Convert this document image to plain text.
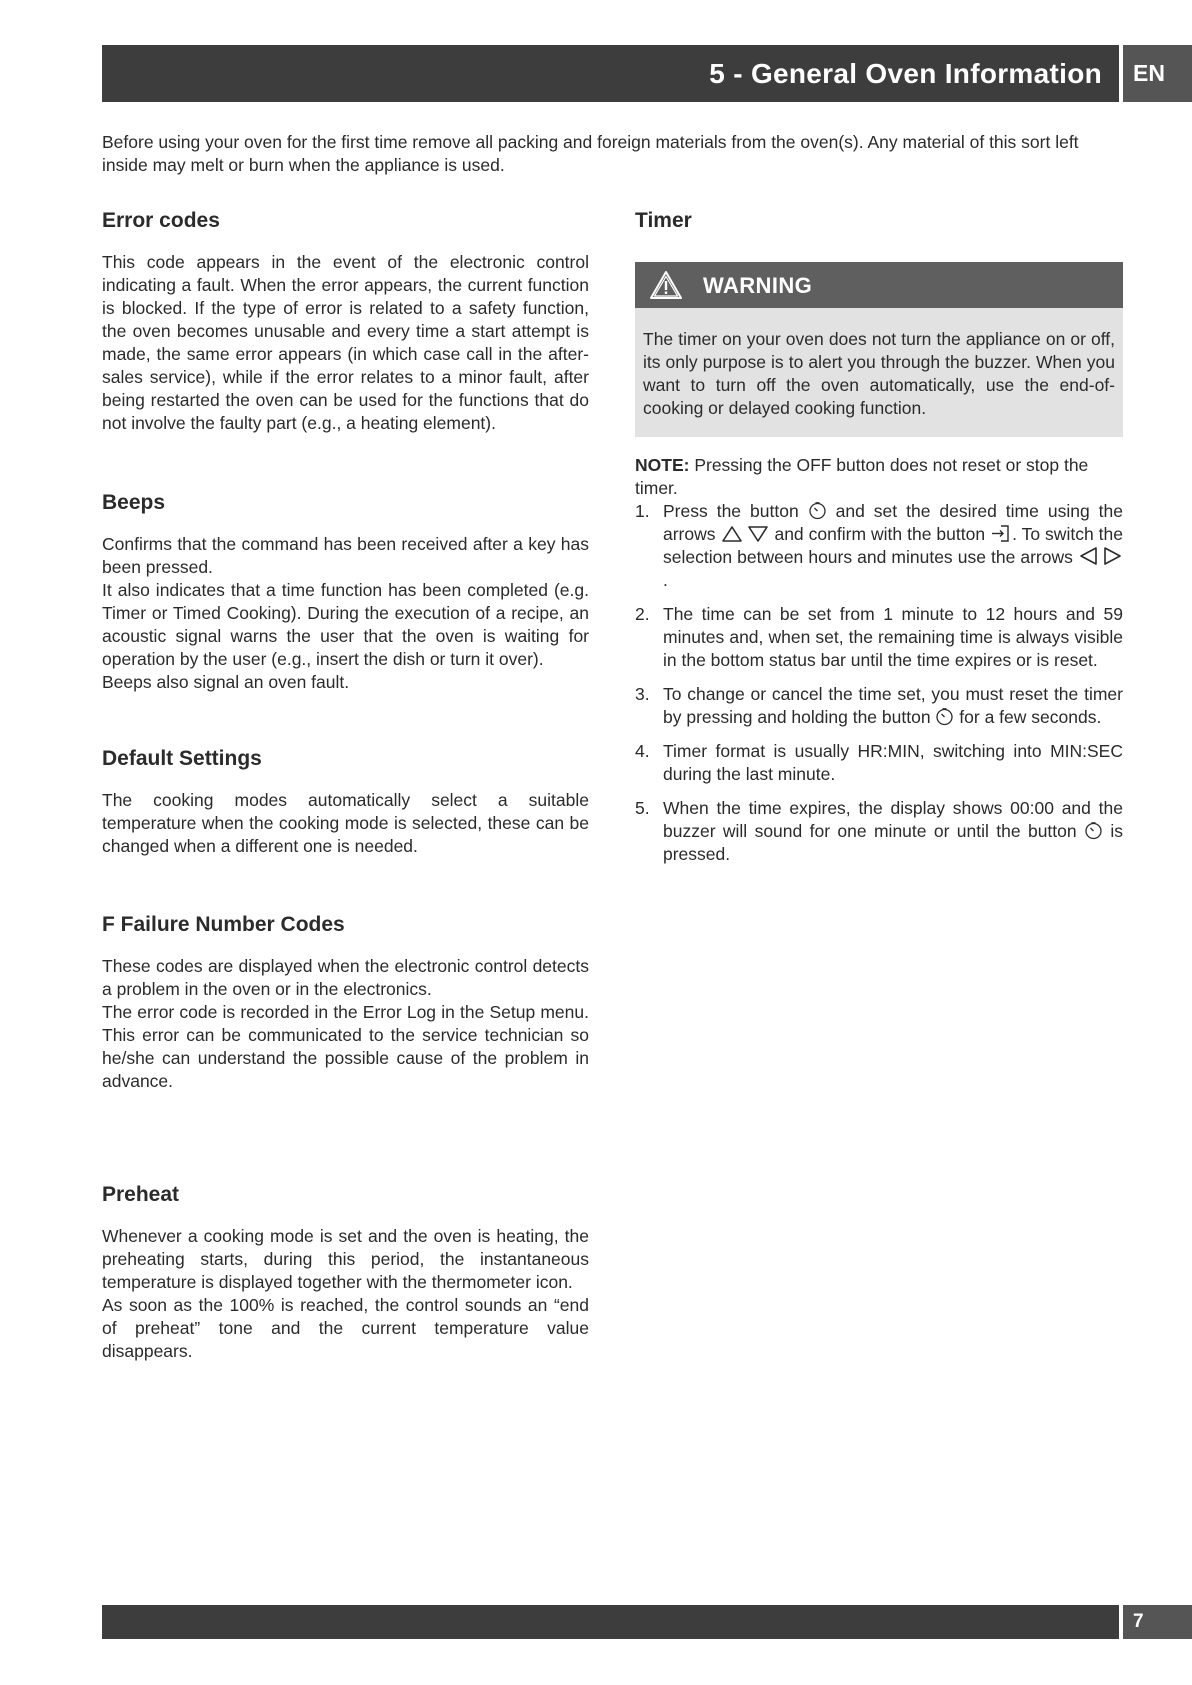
5 - General Oven Information	EN

Before using your oven for the first time remove all packing and foreign materials from the oven(s). Any material of this sort left inside may melt or burn when the appliance is used.

Error codes

This code appears in the event of the electronic control indicating a fault. When the error appears, the current function is blocked. If the type of error is related to a safety function, the oven becomes unusable and every time a start attempt is made, the same error appears (in which case call in the after-sales service), while if the error relates to a minor fault, after being restarted the oven can be used for the functions that do not involve the faulty part (e.g., a heating element).

Beeps

Confirms that the command has been received after a key has been pressed.

It also indicates that a time function has been completed (e.g. Timer or Timed Cooking). During the execution of a recipe, an acoustic signal warns the user that the oven is waiting for operation by the user (e.g., insert the dish or turn it over).

Beeps also signal an oven fault.

Default Settings

The cooking modes automatically select a suitable temperature when the cooking mode is selected, these can be changed when a different one is needed.

F Failure Number Codes

These codes are displayed when the electronic control detects a problem in the oven or in the electronics.

The error code is recorded in the Error Log in the Setup menu. This error can be communicated to the service technician so he/she can understand the possible cause of the problem in advance.

Preheat

Whenever a cooking mode is set and the oven is heating, the preheating starts, during this period, the instantaneous temperature is displayed together with the thermometer icon.

As soon as the 100% is reached, the control sounds an “end of preheat” tone and the current temperature value disappears.

Timer
WARNING
The timer on your oven does not turn the appliance on or off, its only purpose is to alert you through the buzzer. When you want to turn off the oven automatically, use the end-of-cooking or delayed cooking function.

NOTE: Pressing the OFF button does not reset or stop the timer.

1. Press the button  and set the desired time using the arrows	and confirm with the button . To switch the selection between hours and minutes use the arrows  .
2. The time can be set from 1 minute to 12 hours and 59 minutes and, when set, the remaining time is always visible in the bottom status bar until the time expires or is reset.
3. To change or cancel the time set, you must reset the timer by pressing and holding the button  for a few seconds.
4. Timer format is usually HR:MIN, switching into MIN:SEC during the last minute.
5. When the time expires, the display shows 00:00 and the buzzer will sound for one minute or until the button  is pressed.
7
